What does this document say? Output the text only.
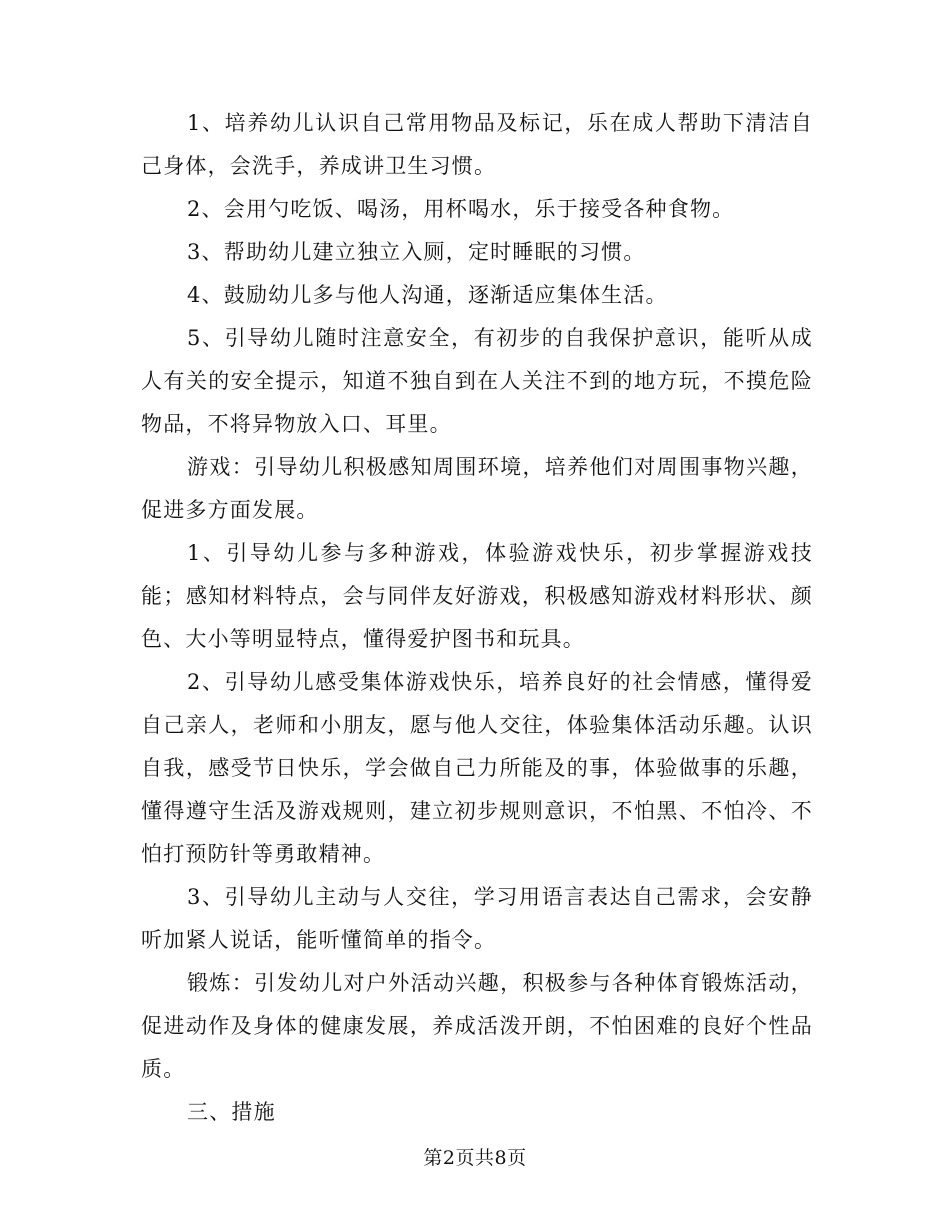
1、培养幼儿认识自己常用物品及标记，乐在成人帮助下清洁自己身体，会洗手，养成讲卫生习惯。

2、会用勺吃饭、喝汤，用杯喝水，乐于接受各种食物。

3、帮助幼儿建立独立入厕，定时睡眠的习惯。

4、鼓励幼儿多与他人沟通，逐渐适应集体生活。

5、引导幼儿随时注意安全，有初步的自我保护意识，能听从成人有关的安全提示，知道不独自到在人关注不到的地方玩，不摸危险物品，不将异物放入口、耳里。

游戏：引导幼儿积极感知周围环境，培养他们对周围事物兴趣，促进多方面发展。

1、引导幼儿参与多种游戏，体验游戏快乐，初步掌握游戏技能；感知材料特点，会与同伴友好游戏，积极感知游戏材料形状、颜色、大小等明显特点，懂得爱护图书和玩具。

2、引导幼儿感受集体游戏快乐，培养良好的社会情感，懂得爱自己亲人，老师和小朋友，愿与他人交往，体验集体活动乐趣。认识自我，感受节日快乐，学会做自己力所能及的事，体验做事的乐趣，懂得遵守生活及游戏规则，建立初步规则意识，不怕黑、不怕冷、不怕打预防针等勇敢精神。

3、引导幼儿主动与人交往，学习用语言表达自己需求，会安静听加紧人说话，能听懂简单的指令。

锻炼：引发幼儿对户外活动兴趣，积极参与各种体育锻炼活动，促进动作及身体的健康发展，养成活泼开朗，不怕困难的良好个性品质。

三、措施

第2页共8页
